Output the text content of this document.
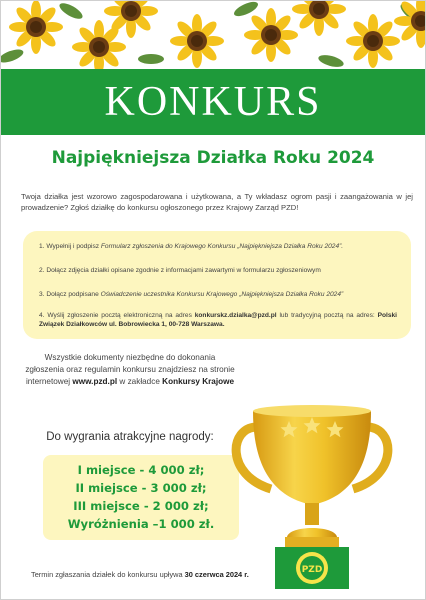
KONKURS
Najpiękniejsza Działka Roku 2024
Twoja działka jest wzorowo zagospodarowana i użytkowana, a Ty wkładasz ogrom pasji i zaangażowania w jej prowadzenie? Zgłoś działkę do konkursu ogłoszonego przez Krajowy Zarząd PZD!
1. Wypełnij i podpisz Formularz zgłoszenia do Krajowego Konkursu „Najpiękniejsza Działka Roku 2024”.
2. Dołącz zdjęcia działki opisane zgodnie z informacjami zawartymi w formularzu zgłoszeniowym
3. Dołącz podpisane Oświadczenie uczestnika Konkursu Krajowego „Najpiękniejsza Działka Roku 2024”
4. Wyślij zgłoszenie pocztą elektroniczną na adres konkurskz.dzialka@pzd.pl lub tradycyjną pocztą na adres: Polski Związek Działkowców ul. Bobrowiecka 1, 00-728 Warszawa.
Wszystkie dokumenty niezbędne do dokonania zgłoszenia oraz regulamin konkursu znajdziesz na stronie internetowej www.pzd.pl w zakładce Konkursy Krajowe
Do wygrania atrakcyjne nagrody:
I miejsce - 4 000 zł;
II miejsce - 3 000 zł;
III miejsce - 2 000 zł;
Wyróżnienia –1 000 zł.
PZD
Termin zgłaszania działek do konkursu upływa 30 czerwca 2024 r.
